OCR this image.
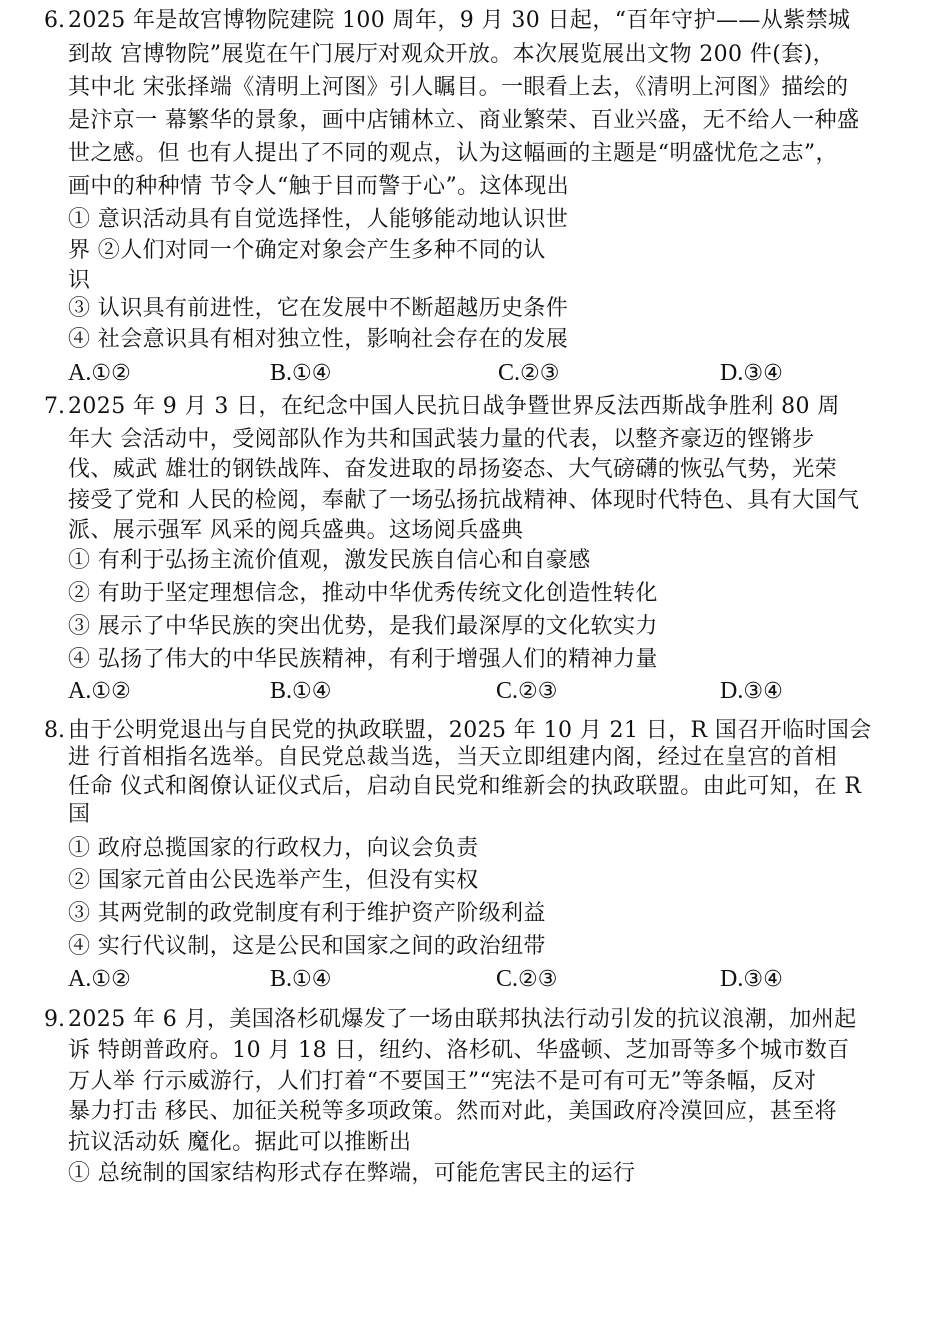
6. 2025 年是故宫博物院建院 100 周年，9 月 30 日起，“百年守护——从紫禁城
到故 宫博物院”展览在午门展厅对观众开放。本次展览展出文物 200 件(套)，
其中北 宋张择端《清明上河图》引人瞩目。一眼看上去，《清明上河图》描绘的
是汴京一 幕繁华的景象，画中店铺林立、商业繁荣、百业兴盛，无不给人一种盛
世之感。但 也有人提出了不同的观点，认为这幅画的主题是“明盛忧危之志”，
画中的种种情 节令人“触于目而警于心”。这体现出
① 意识活动具有自觉选择性，人能够能动地认识世
界 ②人们对同一个确定对象会产生多种不同的认
识
③ 认识具有前进性，它在发展中不断超越历史条件
④ 社会意识具有相对独立性，影响社会存在的发展
A.①②	B.①④	C.②③	D.③④
7. 2025 年 9 月 3 日，在纪念中国人民抗日战争暨世界反法西斯战争胜利 80 周
年大 会活动中，受阅部队作为共和国武装力量的代表，以整齐豪迈的铿锵步
伐、威武 雄壮的钢铁战阵、奋发进取的昂扬姿态、大气磅礴的恢弘气势，光荣
接受了党和 人民的检阅，奉献了一场弘扬抗战精神、体现时代特色、具有大国气
派、展示强军 风采的阅兵盛典。这场阅兵盛典
① 有利于弘扬主流价值观，激发民族自信心和自豪感
② 有助于坚定理想信念，推动中华优秀传统文化创造性转化
③ 展示了中华民族的突出优势，是我们最深厚的文化软实力
④ 弘扬了伟大的中华民族精神，有利于增强人们的精神力量
A.①②	B.①④	C.②③	D.③④
8. 由于公明党退出与自民党的执政联盟，2025 年 10 月 21 日，R 国召开临时国会
进 行首相指名选举。自民党总裁当选，当天立即组建内阁，经过在皇宫的首相
任命 仪式和阁僚认证仪式后，启动自民党和维新会的执政联盟。由此可知，在 R
国
① 政府总揽国家的行政权力，向议会负责
② 国家元首由公民选举产生，但没有实权
③ 其两党制的政党制度有利于维护资产阶级利益
④ 实行代议制，这是公民和国家之间的政治纽带
A.①②	B.①④	C.②③	D.③④
9. 2025 年 6 月，美国洛杉矶爆发了一场由联邦执法行动引发的抗议浪潮，加州起
诉 特朗普政府。10 月 18 日，纽约、洛杉矶、华盛顿、芝加哥等多个城市数百
万人举 行示威游行，人们打着“不要国王”“宪法不是可有可无”等条幅，反对
暴力打击 移民、加征关税等多项政策。然而对此，美国政府冷漠回应，甚至将
抗议活动妖 魔化。据此可以推断出
① 总统制的国家结构形式存在弊端，可能危害民主的运行
